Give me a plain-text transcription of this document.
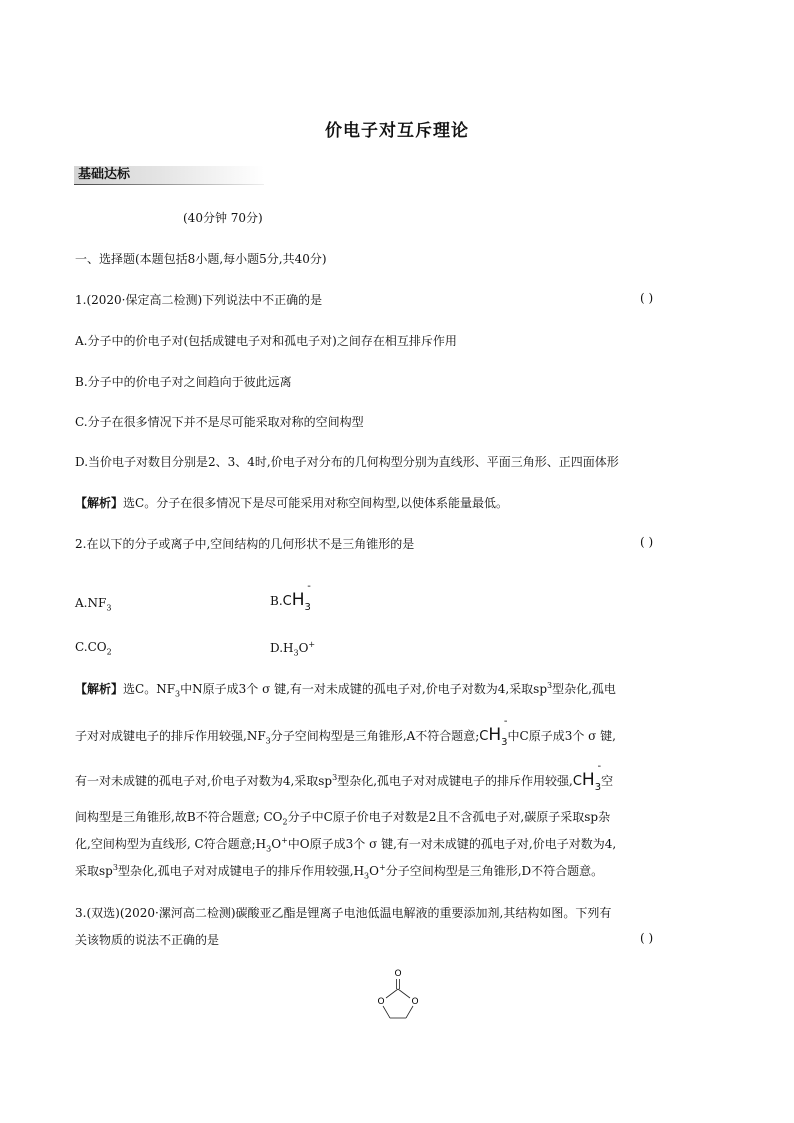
价电子对互斥理论
基础达标
(40分钟 70分)
一、选择题(本题包括8小题,每小题5分,共40分)
1.(2020·保定高二检测)下列说法中不正确的是	( )
A.分子中的价电子对(包括成键电子对和孤电子对)之间存在相互排斥作用
B.分子中的价电子对之间趋向于彼此远离
C.分子在很多情况下并不是尽可能采取对称的空间构型
D.当价电子对数目分别是2、3、4时,价电子对分布的几何构型分别为直线形、平面三角形、正四面体形
【解析】选C。分子在很多情况下是尽可能采用对称空间构型,以使体系能量最低。
2.在以下的分子或离子中,空间结构的几何形状不是三角锥形的是	( )
$A.NF_3$	$B.CH_3$
-
$C.CO_2$	$D.H_3O^+$
【解析】选C。$NF_3$中N原子成3个 σ 键,有一对未成键的孤电子对,价电子对数为4,采取$sp^3$型杂化,孤电
子对对成键电子的排斥作用较强$,NF_3$分子空间构型是三角锥形,A不符合题意$;CH_3$
-
中C原子成3个 σ 键,
有一对未成键的孤电子对,价电子对数为4,采取$sp^3$型杂化,孤电子对对成键电子的排斥作用较强$,CH_3$
-
空
间构型是三角锥形,故B不符合题意; $CO_2$分子中C原子价电子对数是2且不含孤电子对,碳原子采取sp杂
化,空间构型为直线形, C符合题意$;H_3O^+$中O原子成3个 σ 键,有一对未成键的孤电子对,价电子对数为4,
采取$sp^3$型杂化,孤电子对对成键电子的排斥作用较强$,H_3O^+$分子空间构型是三角锥形,D不符合题意。
3.(双选)(2020·漯河高二检测)碳酸亚乙酯是锂离子电池低温电解液的重要添加剂,其结构如图。下列有
关该物质的说法不正确的是	( )
O
O	O
